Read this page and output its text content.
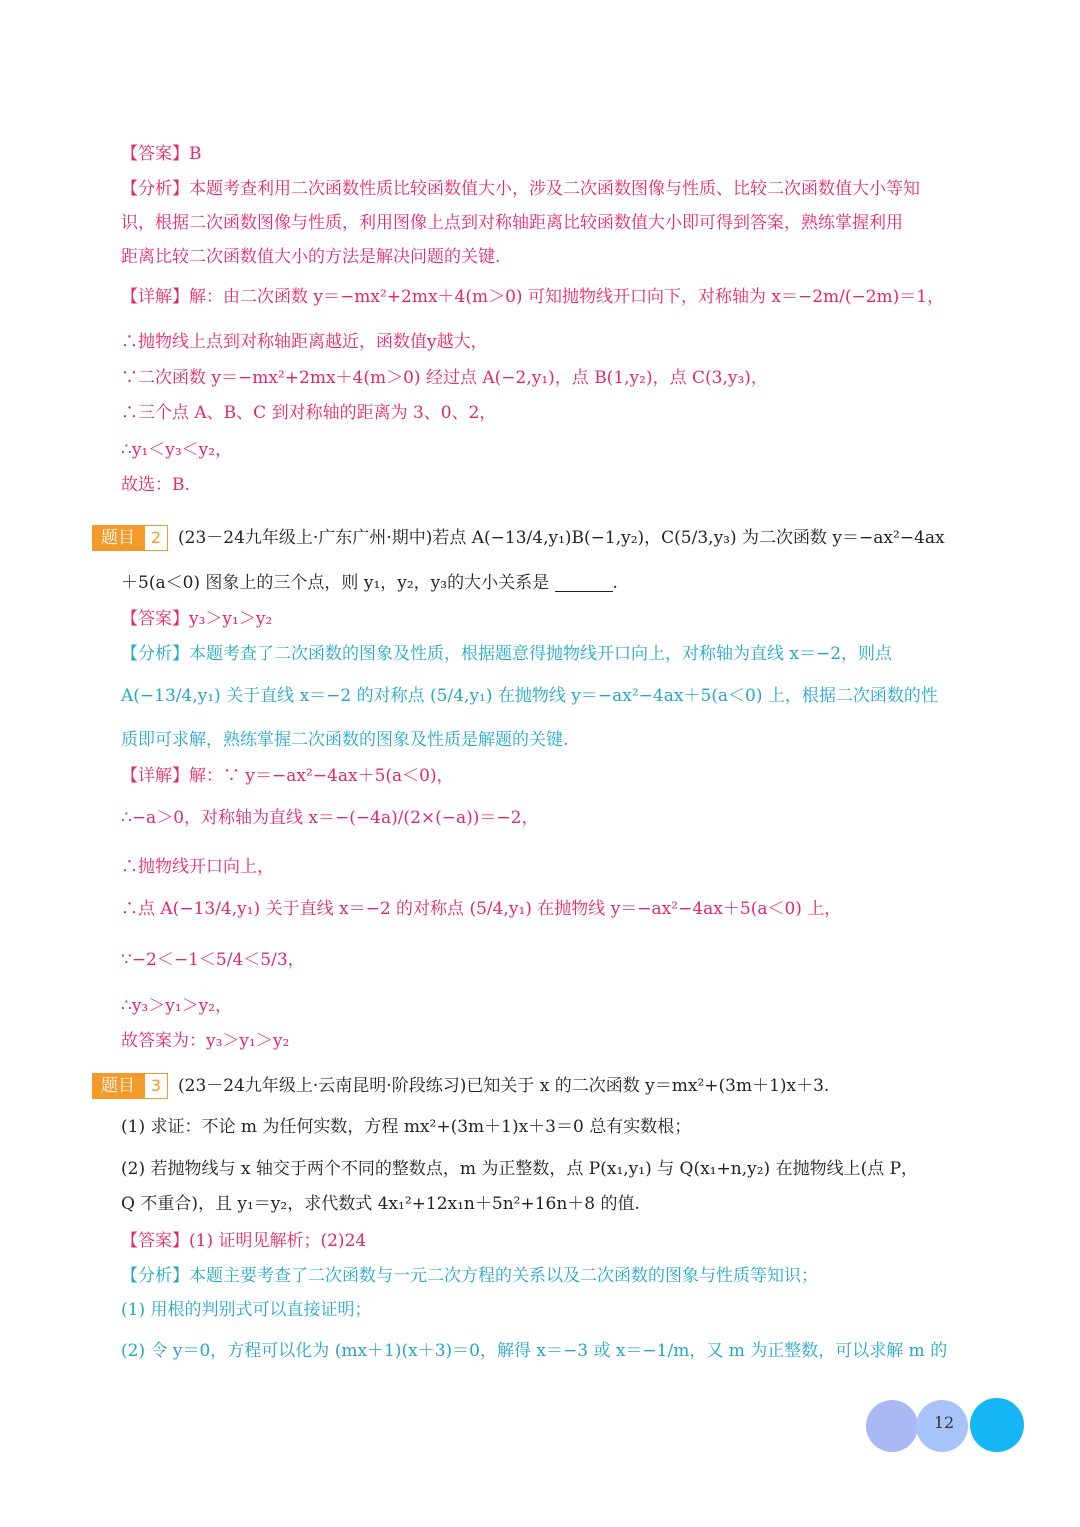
【答案】B
【分析】本题考查利用二次函数性质比较函数值大小，涉及二次函数图像与性质、比较二次函数值大小等知
识，根据二次函数图像与性质，利用图像上点到对称轴距离比较函数值大小即可得到答案，熟练掌握利用
距离比较二次函数值大小的方法是解决问题的关键.
【详解】解：由二次函数 y＝−mx²+2mx＋4(m＞0) 可知抛物线开口向下，对称轴为 x＝−2m/(−2m)＝1，
∴抛物线上点到对称轴距离越近，函数值y越大，
∵二次函数 y＝−mx²+2mx＋4(m＞0) 经过点 A(−2,y₁)，点 B(1,y₂)，点 C(3,y₃)，
∴三个点 A、B、C 到对称轴的距离为 3、0、2，
∴y₁＜y₃＜y₂，
故选：B.
题目 2 (23－24九年级上·广东广州·期中)若点 A(−13/4,y₁)B(−1,y₂)，C(5/3,y₃) 为二次函数 y＝−ax²−4ax
＋5(a＜0) 图象上的三个点，则 y₁，y₂，y₃的大小关系是	.
【答案】y₃＞y₁＞y₂
【分析】本题考查了二次函数的图象及性质，根据题意得抛物线开口向上，对称轴为直线 x＝−2，则点
A(−13/4,y₁) 关于直线 x＝−2 的对称点 (5/4,y₁) 在抛物线 y＝−ax²−4ax＋5(a＜0) 上，根据二次函数的性
质即可求解，熟练掌握二次函数的图象及性质是解题的关键.
【详解】解：∵ y＝−ax²−4ax＋5(a＜0)，
∴−a＞0，对称轴为直线 x＝−(−4a)/(2×(−a))＝−2，
∴抛物线开口向上，
∴点 A(−13/4,y₁) 关于直线 x＝−2 的对称点 (5/4,y₁) 在抛物线 y＝−ax²−4ax＋5(a＜0) 上，
∵−2＜−1＜5/4＜5/3，
∴y₃＞y₁＞y₂，
故答案为：y₃＞y₁＞y₂
题目 3 (23－24九年级上·云南昆明·阶段练习)已知关于 x 的二次函数 y＝mx²+(3m＋1)x＋3.
(1) 求证：不论 m 为任何实数，方程 mx²+(3m＋1)x＋3＝0 总有实数根；
(2) 若抛物线与 x 轴交于两个不同的整数点，m 为正整数，点 P(x₁,y₁) 与 Q(x₁+n,y₂) 在抛物线上(点 P，
Q 不重合)，且 y₁＝y₂，求代数式 4x₁²+12x₁n＋5n²+16n＋8 的值.
【答案】(1) 证明见解析；(2)24
【分析】本题主要考查了二次函数与一元二次方程的关系以及二次函数的图象与性质等知识；
(1) 用根的判别式可以直接证明；
(2) 令 y＝0，方程可以化为 (mx＋1)(x＋3)＝0，解得 x＝−3 或 x＝−1/m，又 m 为正整数，可以求解 m 的
12
